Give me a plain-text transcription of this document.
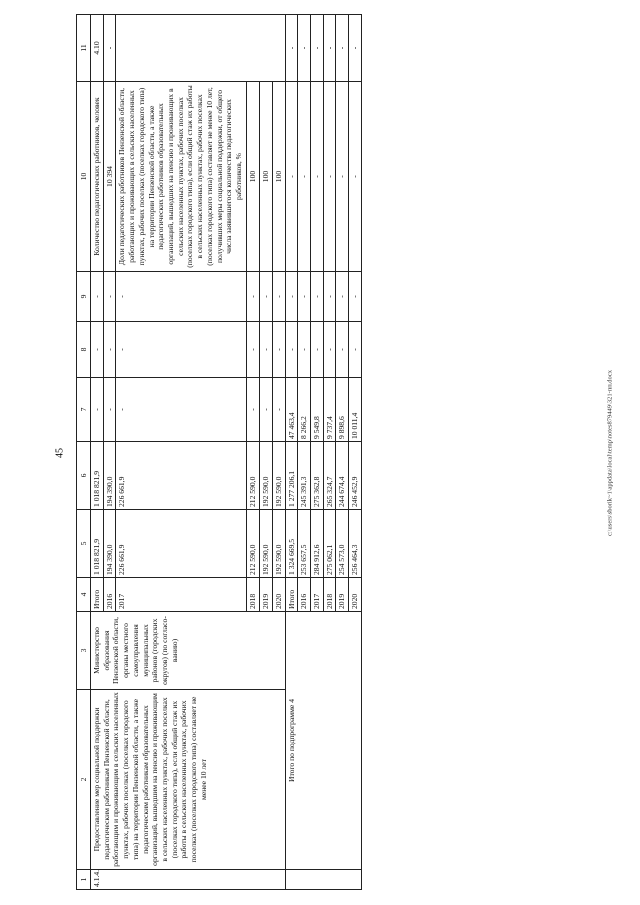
45	c:\users\sborik~1\appdata\local\temp\notes879449\321-пп.docx
1	2	3	4	5	6	7	8	9	10	11
4.1.4.	Предоставление мер социальной поддержки педагогическим работникам Пензенской области, работающим и проживающим в сельских населенных пунктах, рабочих поселках (поселках городского типа) на территории Пензенской области, а также педагогическим работникам образовательных организаций, вышедшим на пенсию и проживающим в сельских населенных пунктах, рабочих поселках (поселках городского типа), если общий стаж их работы в сельских населенных пунктах, рабочих поселках (поселках городского типа) составляет не менее 10 лет	Министерство образования Пензенской области, органы местного самоуправления муниципальных районов (городских округов) (по согласо-ванию)	Итого	1 018 821,9	1 018 821,9	-	-	-	Количество педагогических работников, человек	4.10
			2016	194 390,0	194 390,0	-	-	-	10 394	-
			2017	226 661,9	226 661,9	-	-	-	Доли педагогических работников Пензенской области, работающих и проживающих в сельских населенных пунктах, рабочих поселках (поселках городского типа) на территории Пензенской области, а также педагогических работников образовательных организаций, вышедших на пенсию и проживающих в сельских населенных пунктах, рабочих поселках (поселках городского типа), если общий стаж их работы в сельских населенных пунктах, рабочих поселках (поселках городского типа) составляет не менее 10 лет, получивших меры социальной поддержки, от общего числа заявившегося количества педагогических работников, %	
			2018	212 590,0	212 590,0	-	-	-	100	
			2019	192 590,0	192 590,0	-	-	-	100	
			2020	192 590,0	192 590,0	-	-	-	100	
	Итого по подпрограмме 4		Итого	1 324 669,5	1 277 206,1	47 463,4	-	-	-	-
			2016	253 657,5	245 391,3	8 266,2	-	-	-	-
			2017	284 912,6	275 362,8	9 549,8	-	-	-	-
			2018	275 062,1	265 324,7	9 737,4	-	-	-	-
			2019	254 573,0	244 674,4	9 898,6	-	-	-	-
			2020	256 464,3	246 452,9	10 011,4	-	-	-	-
